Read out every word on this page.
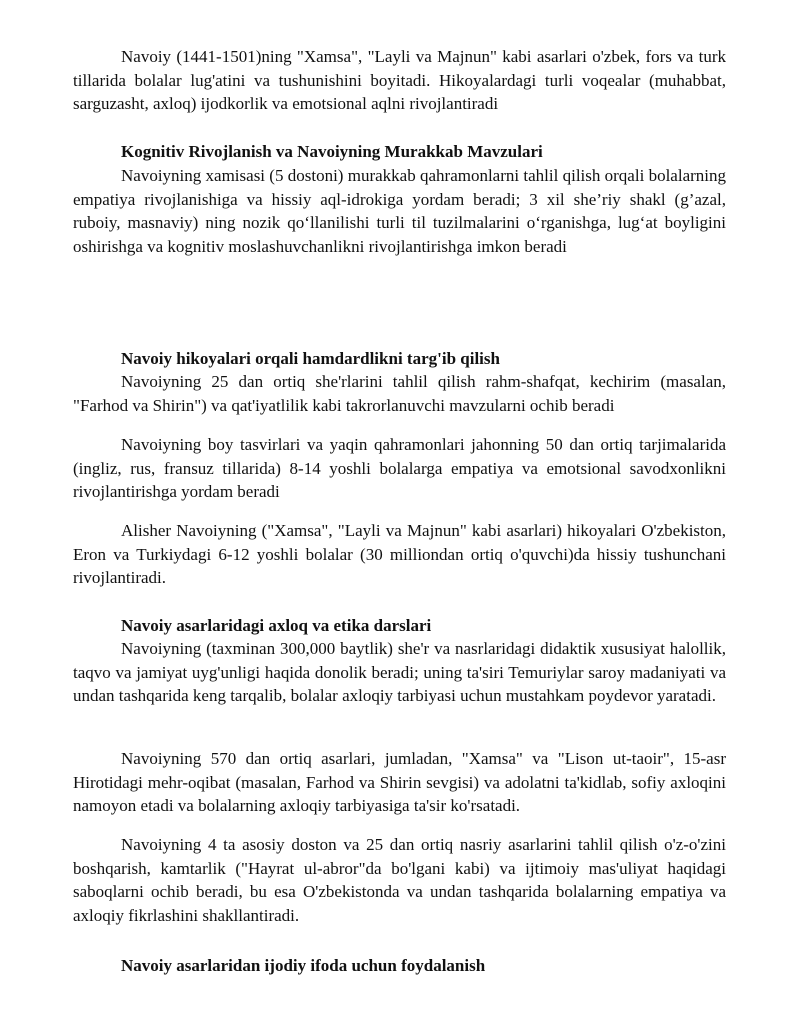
Navoiy (1441-1501)ning "Xamsa", "Layli va Majnun" kabi asarlari o'zbek, fors va turk tillarida bolalar lug'atini va tushunishini boyitadi. Hikoyalardagi turli voqealar (muhabbat, sarguzasht, axloq) ijodkorlik va emotsional aqlni rivojlantiradi

Kognitiv Rivojlanish va Navoiyning Murakkab Mavzulari

Navoiyning xamisasi (5 dostoni) murakkab qahramonlarni tahlil qilish orqali bolalarning empatiya rivojlanishiga va hissiy aql-idrokiga yordam beradi; 3 xil she’riy shakl (g’azal, ruboiy, masnaviy) ning nozik qo‘llanilishi turli til tuzilmalarini o‘rganishga, lug‘at boyligini oshirishga va kognitiv moslashuvchanlikni rivojlantirishga imkon beradi

Navoiy hikoyalari orqali hamdardlikni targ'ib qilish

Navoiyning 25 dan ortiq she'rlarini tahlil qilish rahm-shafqat, kechirim (masalan, "Farhod va Shirin") va qat'iyatlilik kabi takrorlanuvchi mavzularni ochib beradi

Navoiyning boy tasvirlari va yaqin qahramonlari jahonning 50 dan ortiq tarjimalarida (ingliz, rus, fransuz tillarida) 8-14 yoshli bolalarga empatiya va emotsional savodxonlikni rivojlantirishga yordam beradi

Alisher Navoiyning ("Xamsa", "Layli va Majnun" kabi asarlari) hikoyalari O'zbekiston, Eron va Turkiydagi 6-12 yoshli bolalar (30 milliondan ortiq o'quvchi)da hissiy tushunchani rivojlantiradi.

Navoiy asarlaridagi axloq va etika darslari

Navoiyning (taxminan 300,000 baytlik) she'r va nasrlaridagi didaktik xususiyat halollik, taqvo va jamiyat uyg'unligi haqida donolik beradi; uning ta'siri Temuriylar saroy madaniyati va undan tashqarida keng tarqalib, bolalar axloqiy tarbiyasi uchun mustahkam poydevor yaratadi.

Navoiyning 570 dan ortiq asarlari, jumladan, "Xamsa" va "Lison ut-taoir", 15-asr Hirotidagi mehr-oqibat (masalan, Farhod va Shirin sevgisi) va adolatni ta'kidlab, sofiy axloqini namoyon etadi va bolalarning axloqiy tarbiyasiga ta'sir ko'rsatadi.

Navoiyning 4 ta asosiy doston va 25 dan ortiq nasriy asarlarini tahlil qilish o'z-o'zini boshqarish, kamtarlik ("Hayrat ul-abror"da bo'lgani kabi) va ijtimoiy mas'uliyat haqidagi saboqlarni ochib beradi, bu esa O'zbekistonda va undan tashqarida bolalarning empatiya va axloqiy fikrlashini shakllantiradi.

Navoiy asarlaridan ijodiy ifoda uchun foydalanish
